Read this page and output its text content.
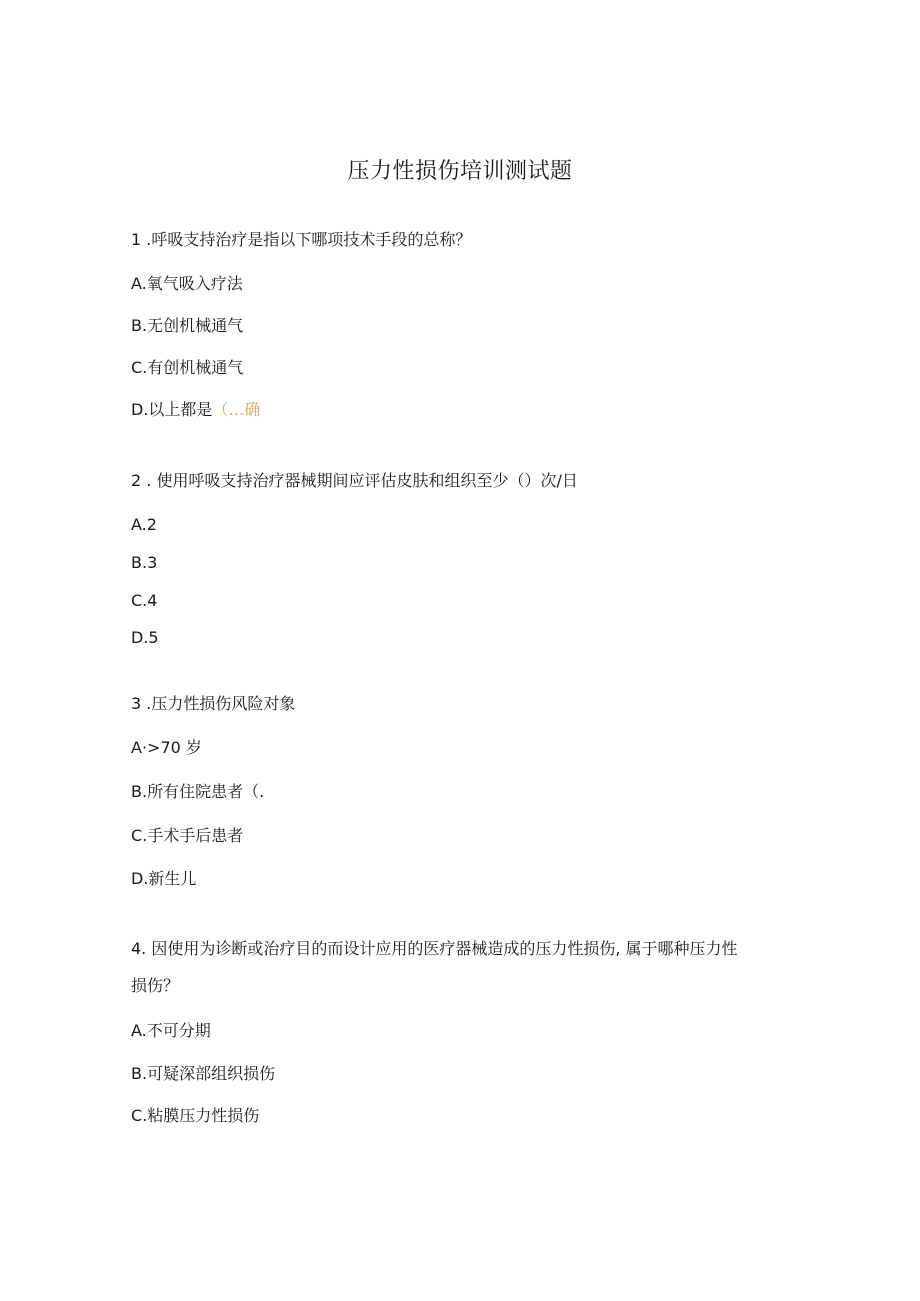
压力性损伤培训测试题
1 .呼吸支持治疗是指以下哪项技术手段的总称？
A.氧气吸入疗法
B.无创机械通气
C.有创机械通气
D.以上都是（…确
2 . 使用呼吸支持治疗器械期间应评估皮肤和组织至少（）次/日
A.2
B.3
C.4
D.5
3 .压力性损伤风险对象
A·>70 岁
B.所有住院患者（.
C.手术手后患者
D.新生儿
4. 因使用为诊断或治疗目的而设计应用的医疗器械造成的压力性损伤, 属于哪种压力性
损伤？
A.不可分期
B.可疑深部组织损伤
C.粘膜压力性损伤
